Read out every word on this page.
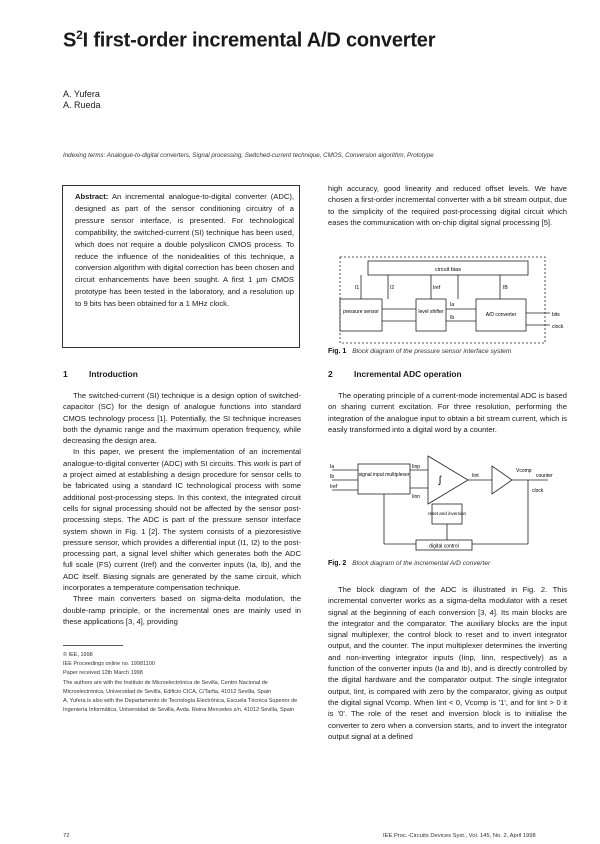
$S^2I$ first-order incremental A/D converter
A. Yufera
A. Rueda
Indexing terms: Analogue-to-digital converters, Signal processing, Switched-current technique, CMOS, Conversion algorithm, Prototype
Abstract: An incremental analogue-to-digital converter (ADC), designed as part of the sensor conditioning circuitry of a pressure sensor interface, is presented. For technological compatibility, the switched-current (SI) technique has been used, which does not require a double polysilicon CMOS process. To reduce the influence of the nonidealities of this technique, a conversion algorithm with digital correction has been chosen and circuit enhancements have been sought. A first 1 µm CMOS prototype has been tested in the laboratory, and a resolution up to 9 bits has been obtained for a 1 MHz clock.
1	Introduction

The switched-current (SI) technique is a design option of switched-capacitor (SC) for the design of analogue functions into standard CMOS technology process [1]. Potentially, the SI technique increases both the dynamic range and the maximum operation frequency, while decreasing the design area.

In this paper, we present the implementation of an incremental analogue-to-digital converter (ADC) with SI circuits. This work is part of a project aimed at establishing a design procedure for sensor cells to be fabricated using a standard IC technological process with some additional post-processing steps. In this context, the integrated circuit cells for signal processing should not be affected by the sensor post-processing steps. The ADC is part of the pressure sensor interface system shown in Fig. 1 [2]. The system consists of a piezoresistive pressure sensor, which provides a differential input (I1, I2) to the post-processing part, a signal level shifter which generates both the ADC full scale (FS) current (Iref) and the converter inputs (Ia, Ib), and the ADC itself. Biasing signals are generated by the same circuit, which incorporates a temperature compensation technique.

Three main converters based on sigma-delta modulation, the double-ramp principle, or the incremental ones are mainly used in these applications [3, 4], providing

© IEE, 1998
IEE Proceedings online no. 19981100
Paper received 12th March 1998
The authors are with the Instituto de Microelectrónica de Sevilla, Centro Nacional de Microelectrónica, Universidad de Sevilla, Edificio CICA, C/Tarfia, 41012 Sevilla, Spain
A. Yufera is also with the Departamento de Tecnología Electrónica, Escuela Técnica Superior de Ingeniería Informática, Universidad de Sevilla, Avda. Reina Mercedes s/n, 41012 Sevilla, Spain

high accuracy, good linearity and reduced offset levels. We have chosen a first-order incremental converter with a bit stream output, due to the simplicity of the required post-processing digital circuit which eases the communication with on-chip digital signal processing [5].

circuit bias
pressure sensor	level shifter	A/D converter
I1	I2	Iref
Ia
Ib
IB
bits
clock
Fig. 1 Block diagram of the pressure sensor interface system
2	Incremental ADC operation

The operating principle of a current-mode incremental ADC is based on sharing current excitation. For three resolution, performing the integration of the analogue input to obtain a bit stream current, which is easily transformed into a digital word by a counter.

signal input multiplexer	∫
reset and inversion
digital control
Ia
Ib
Iref
Iinp
Iinn
Iint
Vcomp
counter
clock
Fig. 2 Block diagram of the incremental A/D converter

The block diagram of the ADC is illustrated in Fig. 2. This incremental converter works as a sigma-delta modulator with a reset signal at the beginning of each conversion [3, 4]. Its main blocks are the integrator and the comparator. The auxiliary blocks are the input signal multiplexer, the control block to reset and to invert integrator output, and the counter. The input multiplexer determines the inverting and non-inverting integrator inputs (Iinp, Iinn, respectively) as a function of the converter inputs (Ia and Ib), and is directly controlled by the digital hardware and the comparator output. The single integrator output, Iint, is compared with zero by the comparator, giving as output the digital signal Vcomp. When Iint < 0, Vcomp is '1', and for Iint > 0 it is '0'. The role of the reset and inversion block is to initialise the converter to zero when a conversion starts, and to invert the integrator output signal at a defined

72	IEE Proc.-Circuits Devices Syst., Vol. 145, No. 2, April 1998
